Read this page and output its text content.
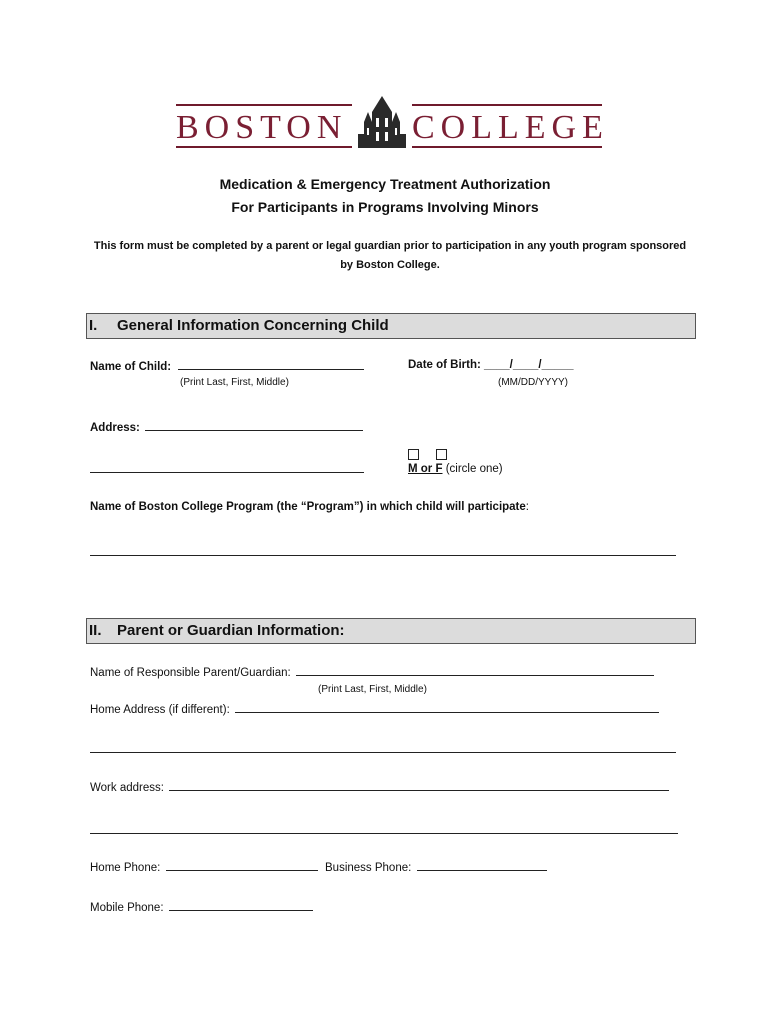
BOSTON COLLEGE
Medication & Emergency Treatment Authorization
For Participants in Programs Involving Minors
This form must be completed by a parent or legal guardian prior to participation in any youth program sponsored by Boston College.
I. General Information Concerning Child
Name of Child:
(Print Last, First, Middle)
Date of Birth: ____/____/_____
(MM/DD/YYYY)
Address:
M or F (circle one)
Name of Boston College Program (the “Program”) in which child will participate:
II. Parent or Guardian Information:
Name of Responsible Parent/Guardian:
(Print Last, First, Middle)
Home Address (if different):
Work address:
Home Phone:	Business Phone:
Mobile Phone:
